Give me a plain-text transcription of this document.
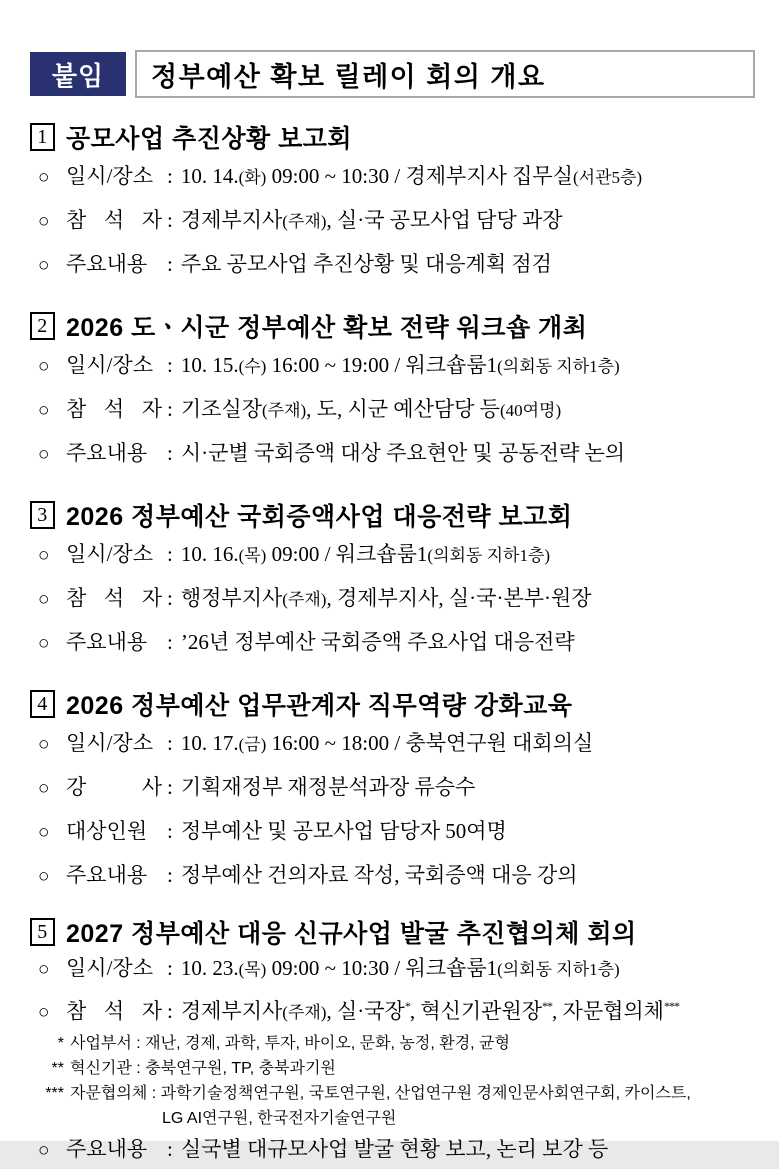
붙임	정부예산 확보 릴레이 회의 개요
1 공모사업 추진상황 보고회
○ 일시/장소 : 10. 14.(화) 09:00 ~ 10:30 / 경제부지사 집무실(서관5층)
○ 참 석 자 : 경제부지사(주재), 실·국 공모사업 담당 과장
○ 주요내용 : 주요 공모사업 추진상황 및 대응계획 점검
2 2026 도ㆍ시군 정부예산 확보 전략 워크숍 개최
○ 일시/장소 : 10. 15.(수) 16:00 ~ 19:00 / 워크숍룸1(의회동 지하1층)
○ 참 석 자 : 기조실장(주재), 도, 시군 예산담당 등(40여명)
○ 주요내용 : 시·군별 국회증액 대상 주요현안 및 공동전략 논의
3 2026 정부예산 국회증액사업 대응전략 보고회
○ 일시/장소 : 10. 16.(목) 09:00 / 워크숍룸1(의회동 지하1층)
○ 참 석 자 : 행정부지사(주재), 경제부지사, 실·국·본부·원장
○ 주요내용 : ’26년 정부예산 국회증액 주요사업 대응전략
4 2026 정부예산 업무관계자 직무역량 강화교육
○ 일시/장소 : 10. 17.(금) 16:00 ~ 18:00 / 충북연구원 대회의실
○ 강 사 : 기획재정부 재정분석과장 류승수
○ 대상인원 : 정부예산 및 공모사업 담당자 50여명
○ 주요내용 : 정부예산 건의자료 작성, 국회증액 대응 강의
5 2027 정부예산 대응 신규사업 발굴 추진협의체 회의
○ 일시/장소 : 10. 23.(목) 09:00 ~ 10:30 / 워크숍룸1(의회동 지하1층)
○ 참 석 자 : 경제부지사(주재), 실·국장*, 혁신기관원장**, 자문협의체***
* 사업부서 : 재난, 경제, 과학, 투자, 바이오, 문화, 농정, 환경, 균형
** 혁신기관 : 충북연구원, TP, 충북과기원
*** 자문협의체 : 과학기술정책연구원, 국토연구원, 산업연구원 경제인문사회연구회, 카이스트,
LG AI연구원, 한국전자기술연구원
○ 주요내용 : 실국별 대규모사업 발굴 현황 보고, 논리 보강 등
